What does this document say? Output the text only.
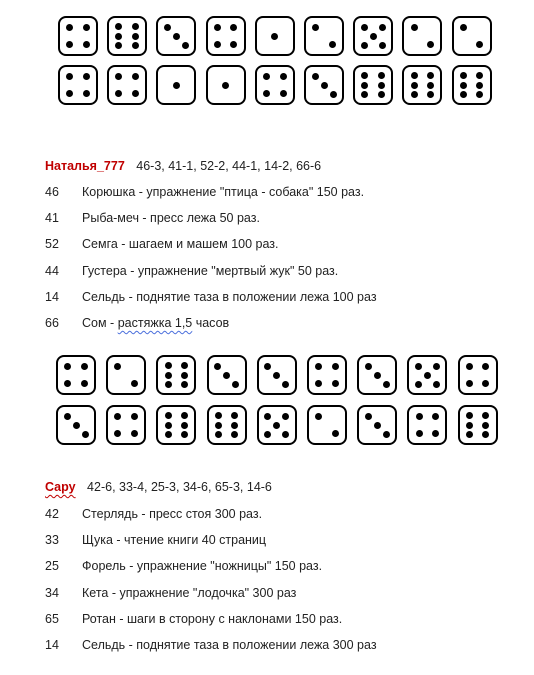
Наталья_777 46-3, 41-1, 52-2, 44-1, 14-2, 66-6
46 Корюшка - упражнение "птица - собака" 150 раз.
41 Рыба-меч - пресс лежа 50 раз.
52 Семга - шагаем и машем 100 раз.
44 Густера - упражнение "мертвый жук" 50 раз.
14 Сельдь - поднятие таза в положении лежа 100 раз
66 Сом - растяжка 1,5 часов
Сару 42-6, 33-4, 25-3, 34-6, 65-3, 14-6
42 Стерлядь - пресс стоя 300 раз.
33 Щука - чтение книги 40 страниц
25 Форель - упражнение "ножницы" 150 раз.
34 Кета - упражнение "лодочка" 300 раз
65 Ротан - шаги в сторону с наклонами 150 раз.
14 Сельдь - поднятие таза в положении лежа 300 раз
